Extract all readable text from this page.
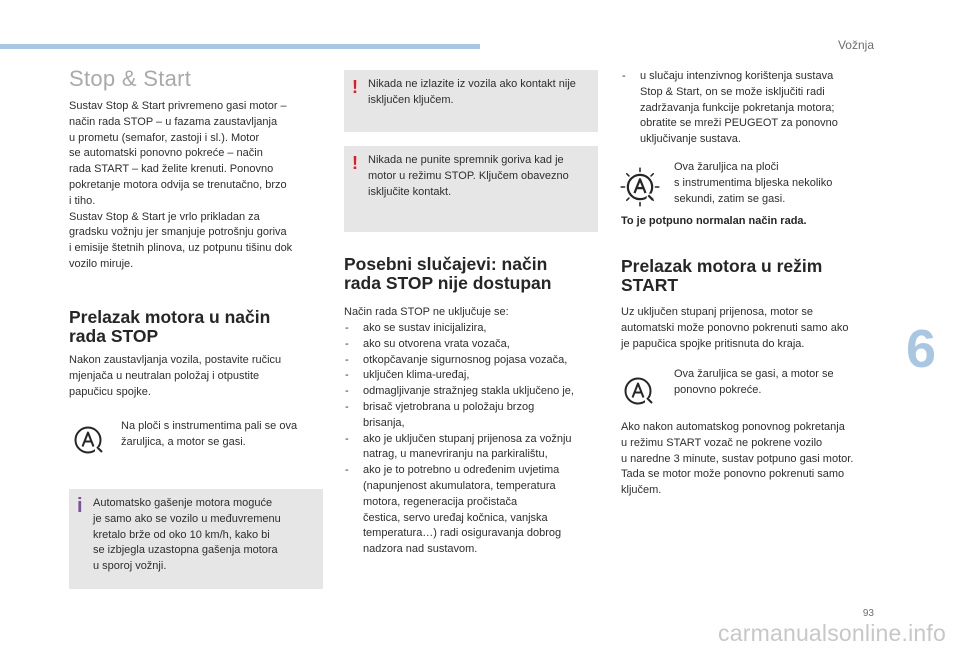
Vožnja
6
93
carmanualsonline.info
Stop & Start
Sustav Stop & Start privremeno gasi motor –
način rada STOP – u fazama zaustavljanja
u prometu (semafor, zastoji i sl.). Motor
se automatski ponovno pokreće – način
rada START – kad želite krenuti. Ponovno
pokretanje motora odvija se trenutačno, brzo
i tiho.
Sustav Stop & Start je vrlo prikladan za
gradsku vožnju jer smanjuje potrošnju goriva
i emisije štetnih plinova, uz potpunu tišinu dok
vozilo miruje.
Prelazak motora u način
rada STOP
Nakon zaustavljanja vozila, postavite ručicu
mjenjača u neutralan položaj i otpustite
papučicu spojke.
Na ploči s instrumentima pali se ova
žaruljica, a motor se gasi.
i Automatsko gašenje motora moguće
je samo ako se vozilo u međuvremenu
kretalo brže od oko 10 km/h, kako bi
se izbjegla uzastopna gašenja motora
u sporoj vožnji.
! Nikada ne izlazite iz vozila ako kontakt nije
isključen ključem.
! Nikada ne punite spremnik goriva kad je
motor u režimu STOP. Ključem obavezno
isključite kontakt.
Posebni slučajevi: način
rada STOP nije dostupan
Način rada STOP ne uključuje se:
- ako se sustav inicijalizira,
- ako su otvorena vrata vozača,
- otkopčavanje sigurnosnog pojasa vozača,
- uključen klima-uređaj,
- odmagljivanje stražnjeg stakla uključeno je,
- brisač vjetrobrana u položaju brzog
brisanja,
- ako je uključen stupanj prijenosa za vožnju
natrag, u manevriranju na parkiralištu,
- ako je to potrebno u određenim uvjetima
(napunjenost akumulatora, temperatura
motora, regeneracija pročistača
čestica, servo uređaj kočnica, vanjska
temperatura…) radi osiguravanja dobrog
nadzora nad sustavom.
- u slučaju intenzivnog korištenja sustava
Stop & Start, on se može isključiti radi
zadržavanja funkcije pokretanja motora;
obratite se mreži PEUGEOT za ponovno
uključivanje sustava.
Ova žaruljica na ploči
s instrumentima bljeska nekoliko
sekundi, zatim se gasi.
To je potpuno normalan način rada.
Prelazak motora u režim
START
Uz uključen stupanj prijenosa, motor se
automatski može ponovno pokrenuti samo ako
je papučica spojke pritisnuta do kraja.
Ova žaruljica se gasi, a motor se
ponovno pokreće.
Ako nakon automatskog ponovnog pokretanja
u režimu START vozač ne pokrene vozilo
u naredne 3 minute, sustav potpuno gasi motor.
Tada se motor može ponovno pokrenuti samo
ključem.
